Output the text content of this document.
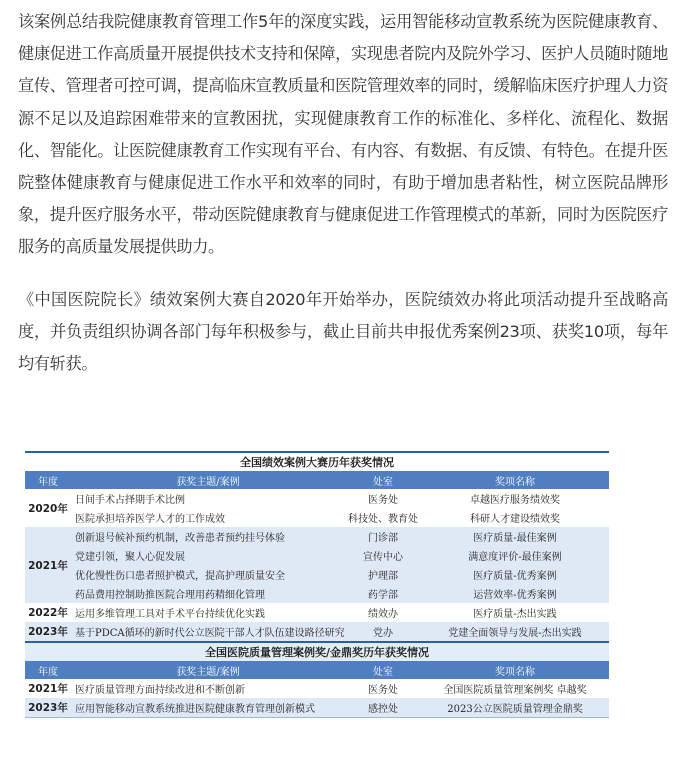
该案例总结我院健康教育管理工作5年的深度实践，运用智能移动宣教系统为医院健康教育、健康促进工作高质量开展提供技术支持和保障，实现患者院内及院外学习、医护人员随时随地宣传、管理者可控可调，提高临床宣教质量和医院管理效率的同时，缓解临床医疗护理人力资源不足以及追踪困难带来的宣教困扰，实现健康教育工作的标准化、多样化、流程化、数据化、智能化。让医院健康教育工作实现有平台、有内容、有数据、有反馈、有特色。在提升医院整体健康教育与健康促进工作水平和效率的同时，有助于增加患者粘性，树立医院品牌形象，提升医疗服务水平，带动医院健康教育与健康促进工作管理模式的革新，同时为医院医疗服务的高质量发展提供助力。

《中国医院院长》绩效案例大赛自2020年开始举办，医院绩效办将此项活动提升至战略高度，并负责组织协调各部门每年积极参与，截止目前共申报优秀案例23项、获奖10项，每年均有斩获。

全国绩效案例大赛历年获奖情况			
年度	获奖主题/案例	处室	奖项名称
2020年	日间手术占择期手术比例	医务处	卓越医疗服务绩效奖
	医院承担培养医学人才的工作成效	科技处、教育处	科研人才建设绩效奖
2021年	创新退号候补预约机制，改善患者预约挂号体验	门诊部	医疗质量-最佳案例
	党建引领，聚人心促发展	宣传中心	满意度评价-最佳案例
	优化慢性伤口患者照护模式，提高护理质量安全	护理部	医疗质量-优秀案例
	药品费用控制助推医院合理用药精细化管理	药学部	运营效率-优秀案例
2022年	运用多维管理工具对手术平台持续优化实践	绩效办	医疗质量-杰出实践
2023年	基于PDCA循环的新时代公立医院干部人才队伍建设路径研究	党办	党建全面领导与发展-杰出实践
全国医院质量管理案例奖/金鼎奖历年获奖情况			
年度	获奖主题/案例	处室	奖项名称
2021年	医疗质量管理方面持续改进和不断创新	医务处	全国医院质量管理案例奖 卓越奖
2023年	应用智能移动宣教系统推进医院健康教育管理创新模式	感控处	2023公立医院质量管理金鼎奖
